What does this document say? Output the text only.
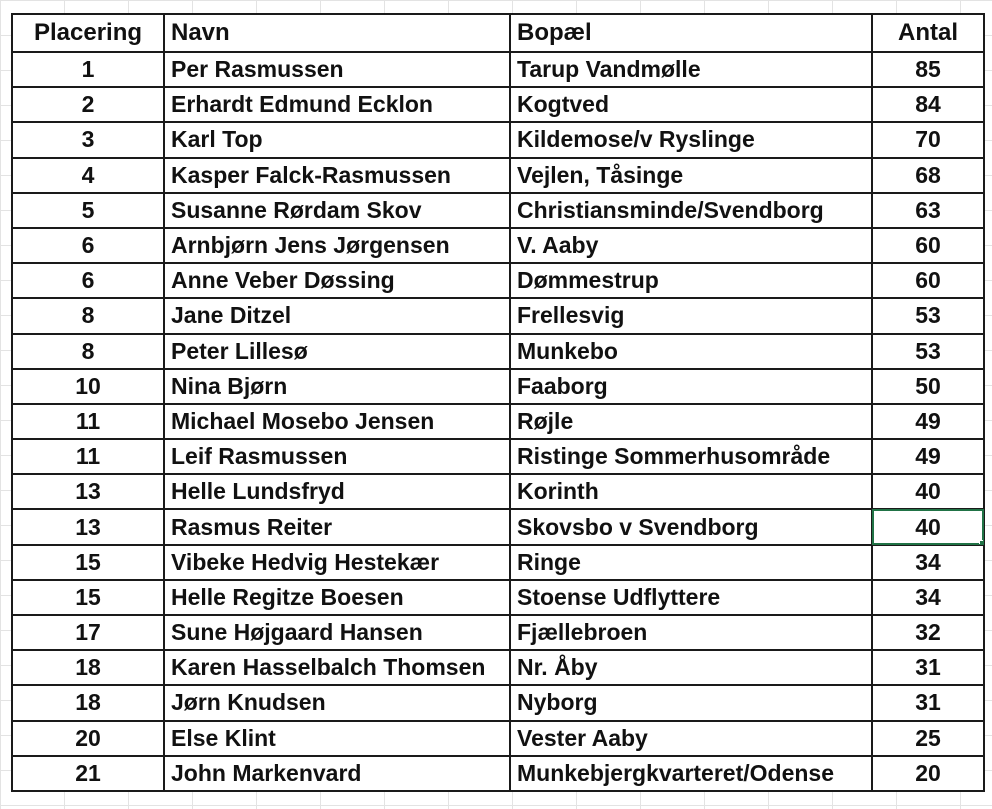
Placering	Navn	Bopæl	Antal
1	Per Rasmussen	Tarup Vandmølle	85
2	Erhardt Edmund Ecklon	Kogtved	84
3	Karl Top	Kildemose/v Ryslinge	70
4	Kasper Falck-Rasmussen	Vejlen, Tåsinge	68
5	Susanne Rørdam Skov	Christiansminde/Svendborg	63
6	Arnbjørn Jens Jørgensen	V. Aaby	60
6	Anne Veber Døssing	Dømmestrup	60
8	Jane Ditzel	Frellesvig	53
8	Peter Lillesø	Munkebo	53
10	Nina Bjørn	Faaborg	50
11	Michael Mosebo Jensen	Røjle	49
11	Leif Rasmussen	Ristinge Sommerhusområde	49
13	Helle Lundsfryd	Korinth	40
13	Rasmus Reiter	Skovsbo v Svendborg	40

15	Vibeke Hedvig Hestekær	Ringe	34
15	Helle Regitze Boesen	Stoense Udflyttere	34
17	Sune Højgaard Hansen	Fjællebroen	32
18	Karen Hasselbalch Thomsen	Nr. Åby	31
18	Jørn Knudsen	Nyborg	31
20	Else Klint	Vester Aaby	25
21	John Markenvard	Munkebjergkvarteret/Odense	20
